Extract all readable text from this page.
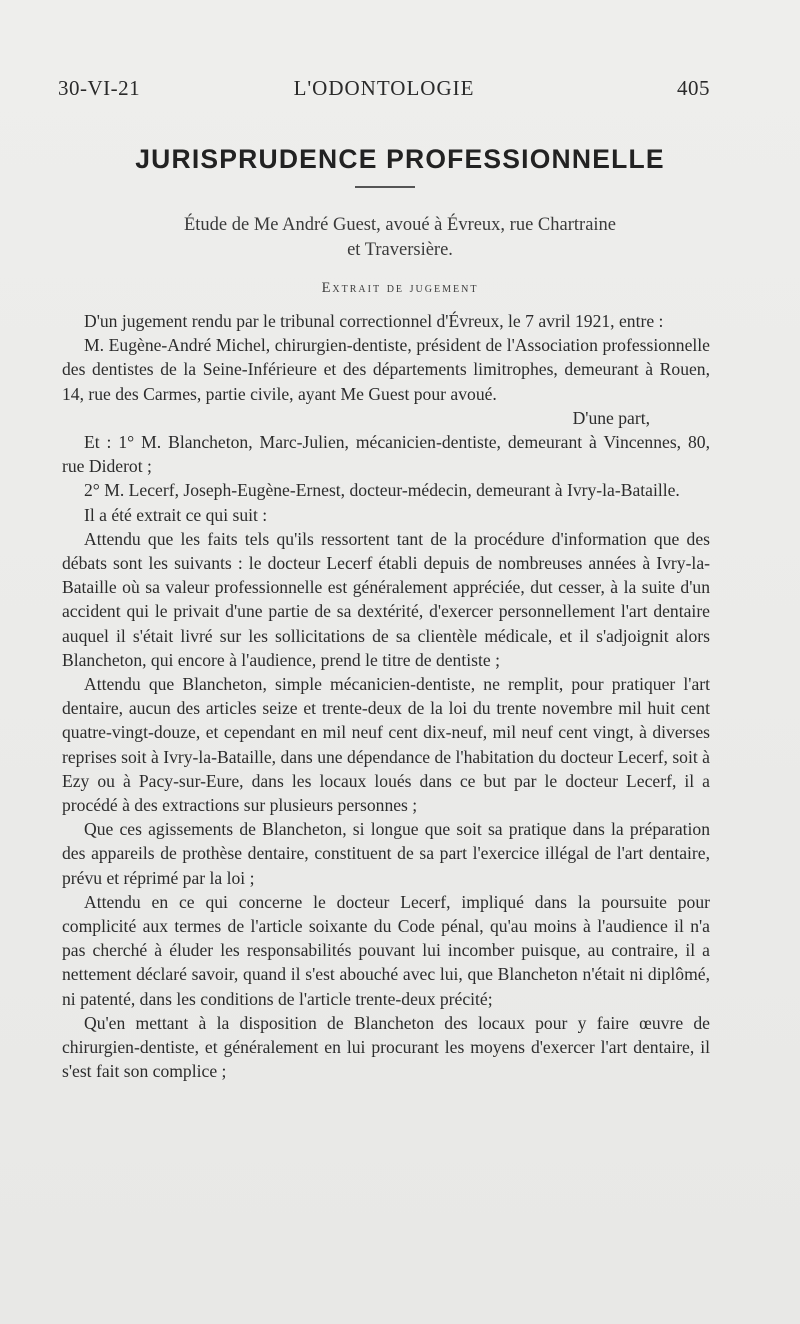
30-VI-21	L'ODONTOLOGIE	405
JURISPRUDENCE PROFESSIONNELLE
Étude de Me André Guest, avoué à Évreux, rue Chartraine
et Traversière.
Extrait de jugement

D'un jugement rendu par le tribunal correctionnel d'Évreux, le 7 avril 1921, entre :

M. Eugène-André Michel, chirurgien-dentiste, président de l'Association professionnelle des dentistes de la Seine-Inférieure et des départements limitrophes, demeurant à Rouen, 14, rue des Carmes, partie civile, ayant Me Guest pour avoué.

D'une part,

Et : 1° M. Blancheton, Marc-Julien, mécanicien-dentiste, demeurant à Vincennes, 80, rue Diderot ;

2° M. Lecerf, Joseph-Eugène-Ernest, docteur-médecin, demeurant à Ivry-la-Bataille.

Il a été extrait ce qui suit :

Attendu que les faits tels qu'ils ressortent tant de la procédure d'information que des débats sont les suivants : le docteur Lecerf établi depuis de nombreuses années à Ivry-la-Bataille où sa valeur professionnelle est généralement appréciée, dut cesser, à la suite d'un accident qui le privait d'une partie de sa dextérité, d'exercer personnellement l'art dentaire auquel il s'était livré sur les sollicitations de sa clientèle médicale, et il s'adjoignit alors Blancheton, qui encore à l'audience, prend le titre de dentiste ;

Attendu que Blancheton, simple mécanicien-dentiste, ne remplit, pour pratiquer l'art dentaire, aucun des articles seize et trente-deux de la loi du trente novembre mil huit cent quatre-vingt-douze, et cependant en mil neuf cent dix-neuf, mil neuf cent vingt, à diverses reprises soit à Ivry-la-Bataille, dans une dépendance de l'habitation du docteur Lecerf, soit à Ezy ou à Pacy-sur-Eure, dans les locaux loués dans ce but par le docteur Lecerf, il a procédé à des extractions sur plusieurs personnes ;

Que ces agissements de Blancheton, si longue que soit sa pratique dans la préparation des appareils de prothèse dentaire, constituent de sa part l'exercice illégal de l'art dentaire, prévu et réprimé par la loi ;

Attendu en ce qui concerne le docteur Lecerf, impliqué dans la poursuite pour complicité aux termes de l'article soixante du Code pénal, qu'au moins à l'audience il n'a pas cherché à éluder les responsabilités pouvant lui incomber puisque, au contraire, il a nettement déclaré savoir, quand il s'est abouché avec lui, que Blancheton n'était ni diplômé, ni patenté, dans les conditions de l'article trente-deux précité;

Qu'en mettant à la disposition de Blancheton des locaux pour y faire œuvre de chirurgien-dentiste, et généralement en lui procurant les moyens d'exercer l'art dentaire, il s'est fait son complice ;
